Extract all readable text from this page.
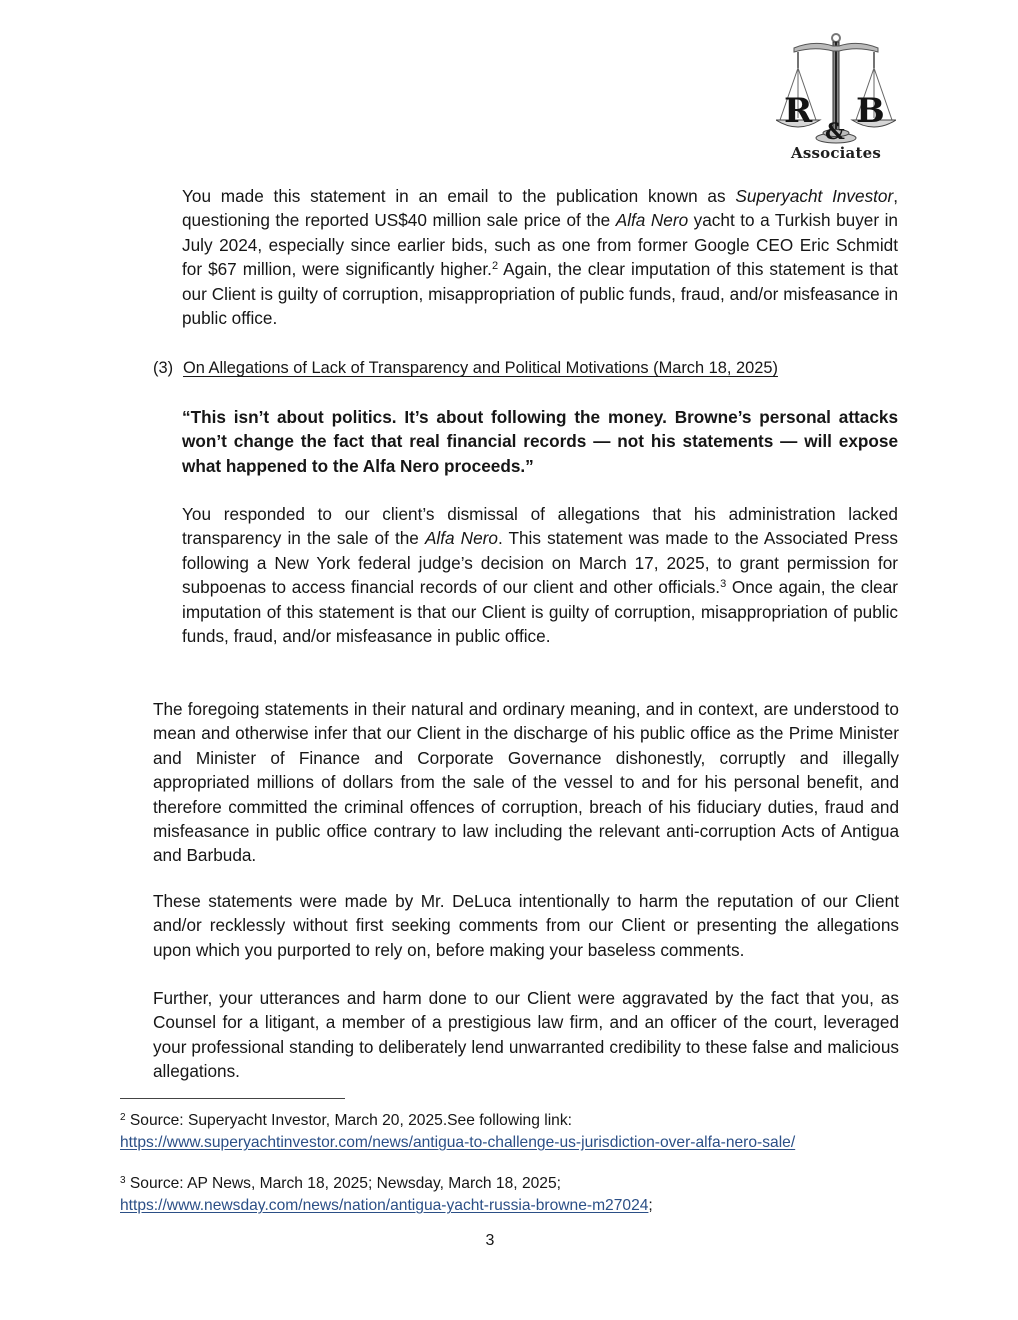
R B
&
Associates

You made this statement in an email to the publication known as Superyacht Investor, questioning the reported US$40 million sale price of the Alfa Nero yacht to a Turkish buyer in July 2024, especially since earlier bids, such as one from former Google CEO Eric Schmidt for $67 million, were significantly higher.$^2$ Again, the clear imputation of this statement is that our Client is guilty of corruption, misappropriation of public funds, fraud, and/or misfeasance in public office.

(3) On Allegations of Lack of Transparency and Political Motivations (March 18, 2025)

“This isn’t about politics. It’s about following the money. Browne’s personal attacks won’t change the fact that real financial records — not his statements — will expose what happened to the Alfa Nero proceeds.”

You responded to our client’s dismissal of allegations that his administration lacked transparency in the sale of the Alfa Nero. This statement was made to the Associated Press following a New York federal judge’s decision on March 17, 2025, to grant permission for subpoenas to access financial records of our client and other officials.$^3$ Once again, the clear imputation of this statement is that our Client is guilty of corruption, misappropriation of public funds, fraud, and/or misfeasance in public office.

The foregoing statements in their natural and ordinary meaning, and in context, are understood to mean and otherwise infer that our Client in the discharge of his public office as the Prime Minister and Minister of Finance and Corporate Governance dishonestly, corruptly and illegally appropriated millions of dollars from the sale of the vessel to and for his personal benefit, and therefore committed the criminal offences of corruption, breach of his fiduciary duties, fraud and misfeasance in public office contrary to law including the relevant anti-corruption Acts of Antigua and Barbuda.

These statements were made by Mr. DeLuca intentionally to harm the reputation of our Client and/or recklessly without first seeking comments from our Client or presenting the allegations upon which you purported to rely on, before making your baseless comments.

Further, your utterances and harm done to our Client were aggravated by the fact that you, as Counsel for a litigant, a member of a prestigious law firm, and an officer of the court, leveraged your professional standing to deliberately lend unwarranted credibility to these false and malicious allegations.

$^2$ Source: Superyacht Investor, March 20, 2025.See following link:
https://www.superyachtinvestor.com/news/antigua-to-challenge-us-jurisdiction-over-alfa-nero-sale/

$^3$ Source: AP News, March 18, 2025; Newsday, March 18, 2025;
https://www.newsday.com/news/nation/antigua-yacht-russia-browne-m27024;

3
